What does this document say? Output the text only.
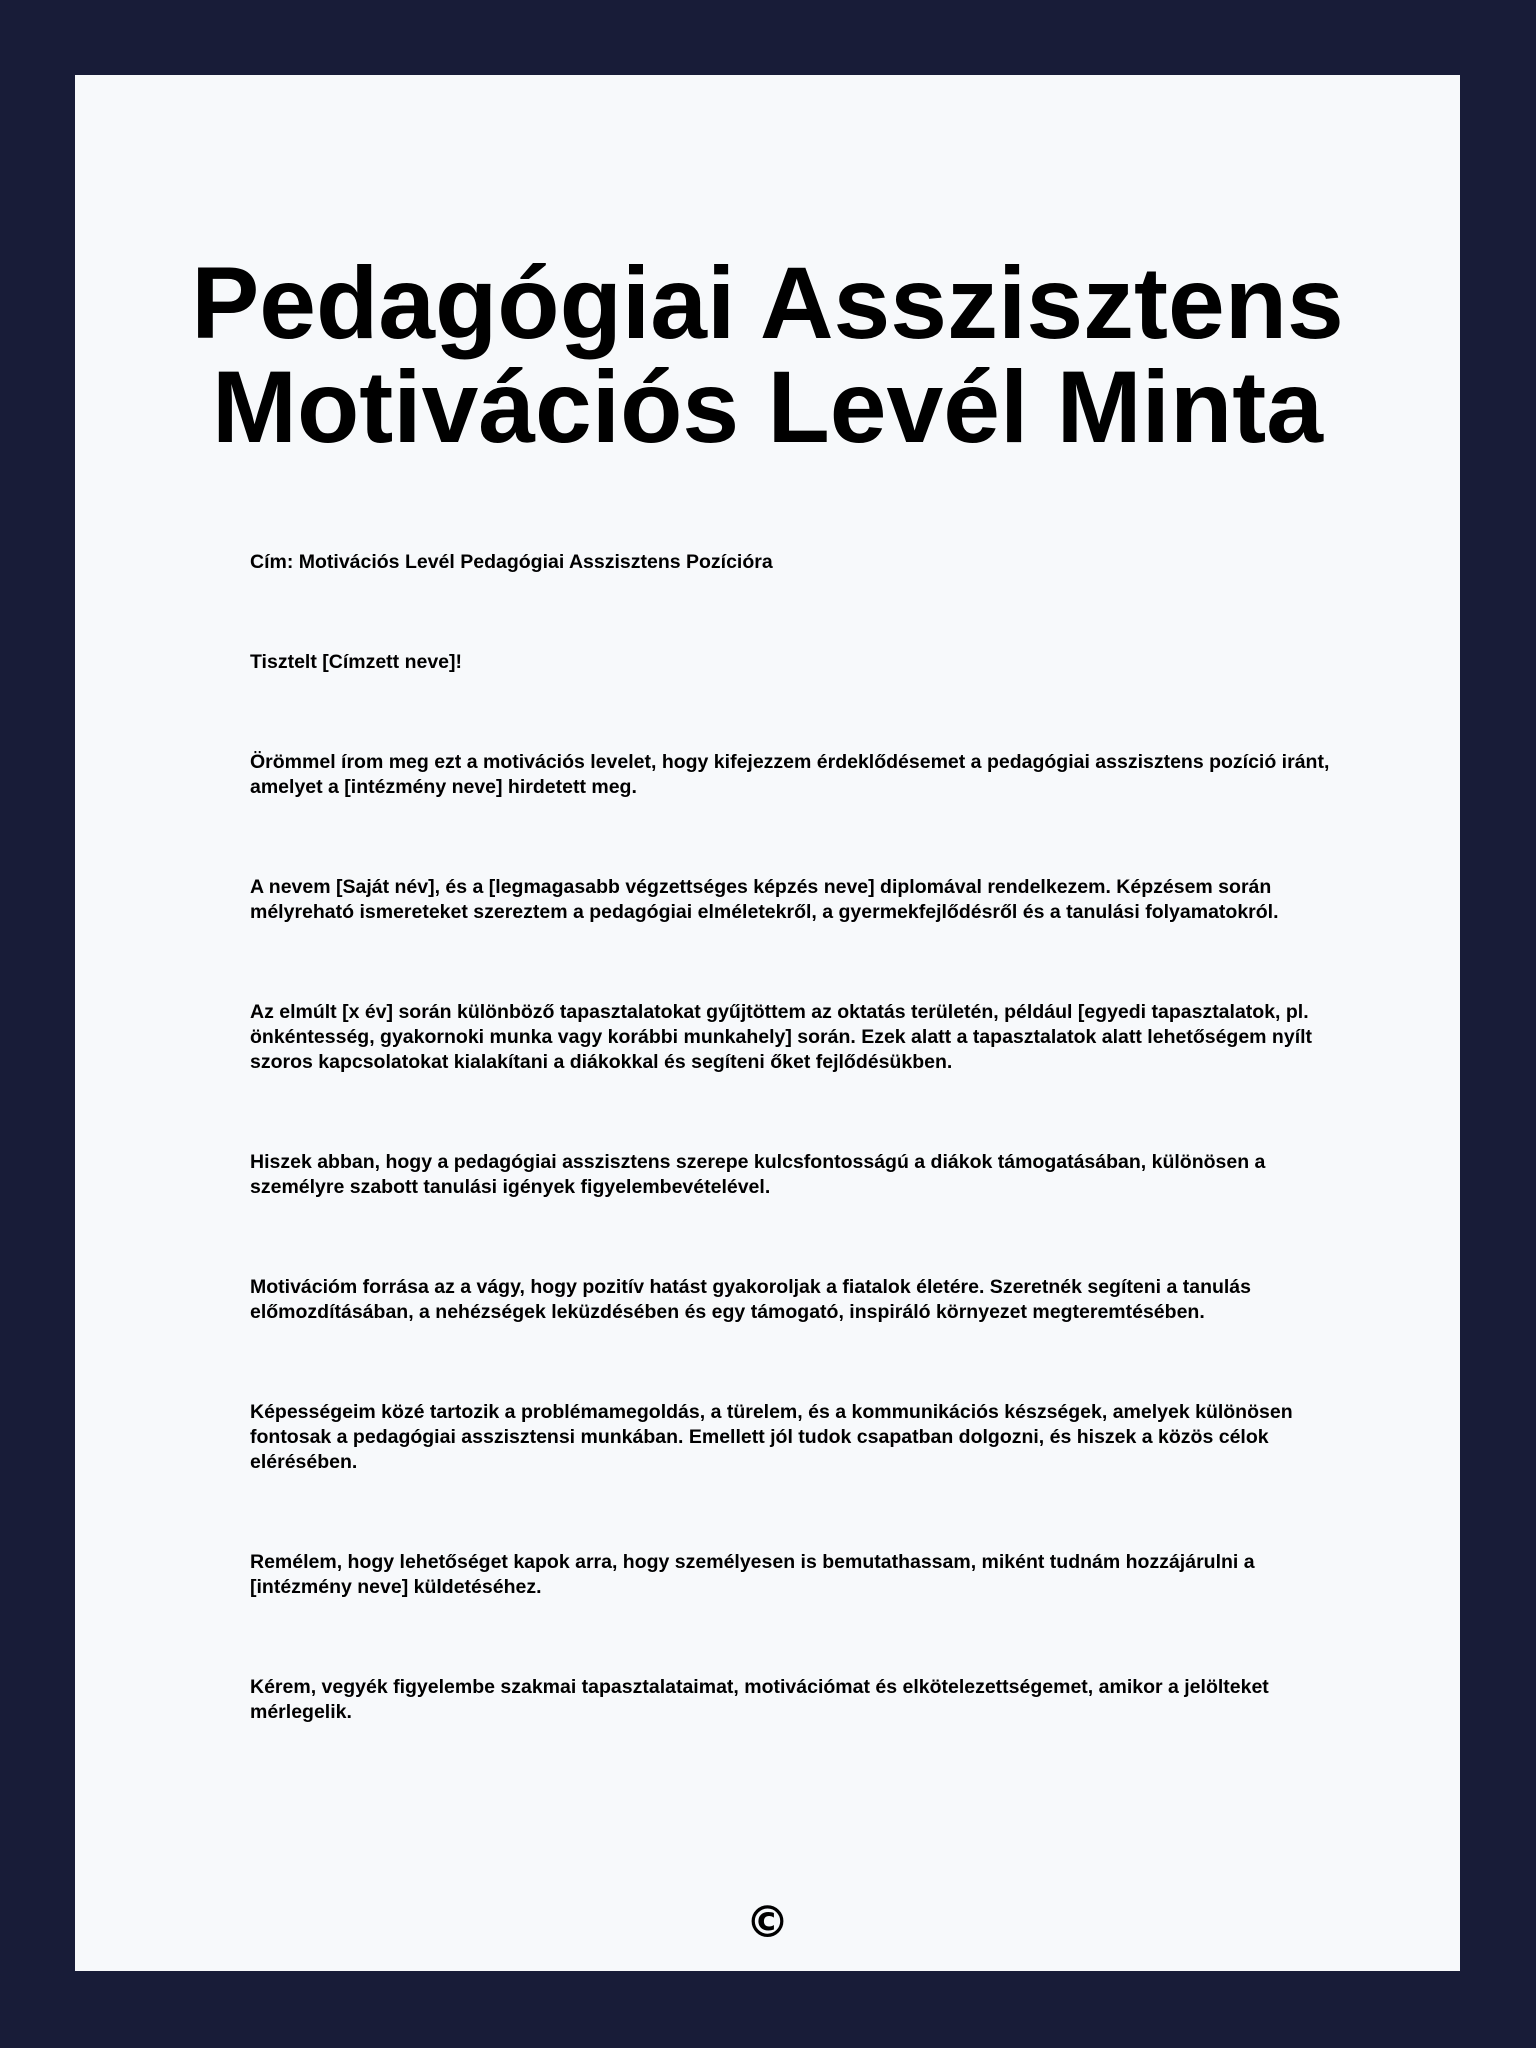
Pedagógiai Asszisztens
Motivációs Levél Minta

Cím: Motivációs Levél Pedagógiai Asszisztens Pozícióra

Tisztelt [Címzett neve]!

Örömmel írom meg ezt a motivációs levelet, hogy kifejezzem érdeklődésemet a pedagógiai asszisztens pozíció iránt, amelyet a [intézmény neve] hirdetett meg.

A nevem [Saját név], és a [legmagasabb végzettséges képzés neve] diplomával rendelkezem. Képzésem során mélyreható ismereteket szereztem a pedagógiai elméletekről, a gyermekfejlődésről és a tanulási folyamatokról.

Az elmúlt [x év] során különböző tapasztalatokat gyűjtöttem az oktatás területén, például [egyedi tapasztalatok, pl. önkéntesség, gyakornoki munka vagy korábbi munkahely] során. Ezek alatt a tapasztalatok alatt lehetőségem nyílt szoros kapcsolatokat kialakítani a diákokkal és segíteni őket fejlődésükben.

Hiszek abban, hogy a pedagógiai asszisztens szerepe kulcsfontosságú a diákok támogatásában, különösen a személyre szabott tanulási igények figyelembevételével.

Motivációm forrása az a vágy, hogy pozitív hatást gyakoroljak a fiatalok életére. Szeretnék segíteni a tanulás előmozdításában, a nehézségek leküzdésében és egy támogató, inspiráló környezet megteremtésében.

Képességeim közé tartozik a problémamegoldás, a türelem, és a kommunikációs készségek, amelyek különösen fontosak a pedagógiai asszisztensi munkában. Emellett jól tudok csapatban dolgozni, és hiszek a közös célok elérésében.

Remélem, hogy lehetőséget kapok arra, hogy személyesen is bemutathassam, miként tudnám hozzájárulni a [intézmény neve] küldetéséhez.

Kérem, vegyék figyelembe szakmai tapasztalataimat, motivációmat és elkötelezettségemet, amikor a jelölteket mérlegelik.

©
